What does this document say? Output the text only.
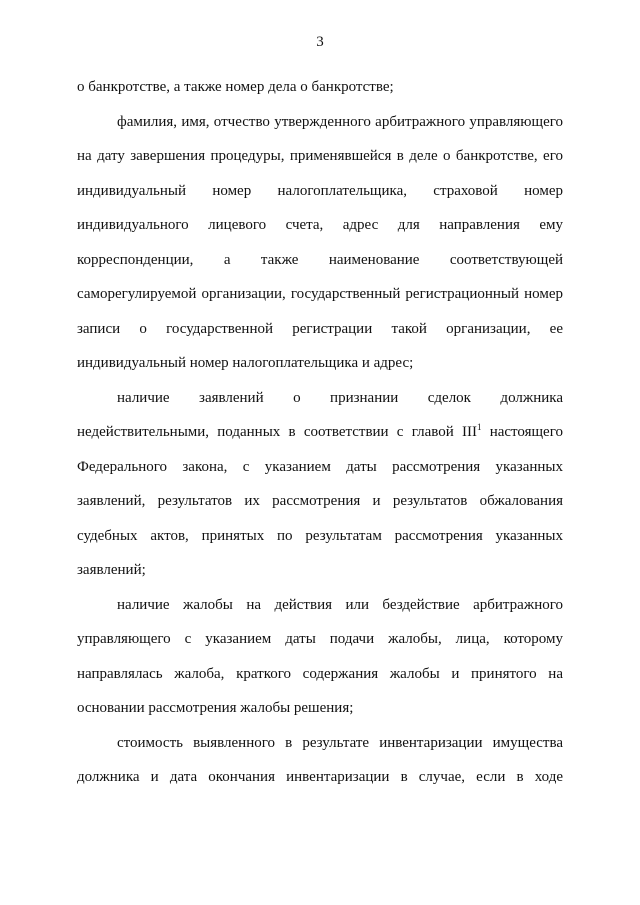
3
о банкротстве, а также номер дела о банкротстве;
фамилия, имя, отчество утвержденного арбитражного управляющего
на дату завершения процедуры, применявшейся в деле о банкротстве, его
индивидуальный номер налогоплательщика, страховой номер
индивидуального лицевого счета, адрес для направления ему
корреспонденции, а также наименование соответствующей
саморегулируемой организации, государственный регистрационный номер
записи о государственной регистрации такой организации, ее
индивидуальный номер налогоплательщика и адрес;
наличие заявлений о признании сделок должника
недействительными, поданных в соответствии с главой III$^1$ настоящего
Федерального закона, с указанием даты рассмотрения указанных
заявлений, результатов их рассмотрения и результатов обжалования
судебных актов, принятых по результатам рассмотрения указанных
заявлений;
наличие жалобы на действия или бездействие арбитражного
управляющего с указанием даты подачи жалобы, лица, которому
направлялась жалоба, краткого содержания жалобы и принятого на
основании рассмотрения жалобы решения;
стоимость выявленного в результате инвентаризации имущества
должника и дата окончания инвентаризации в случае, если в ходе
